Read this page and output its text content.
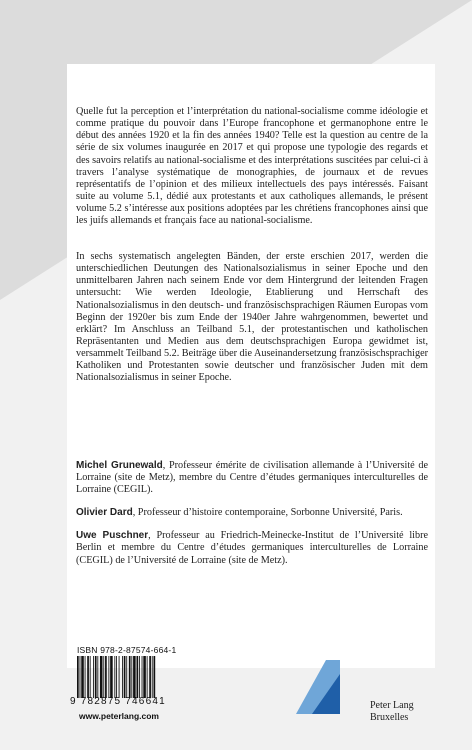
Quelle fut la perception et l’interprétation du national-socialisme comme idéologie et comme pratique du pouvoir dans l’Europe francophone et germanophone entre le début des années 1920 et la fin des années 1940? Telle est la question au centre de la série de six volumes inaugurée en 2017 et qui propose une typologie des regards et des savoirs relatifs au national-socialisme et des interprétations suscitées par celui-ci à travers l’analyse systématique de monographies, de journaux et de revues représentatifs de l’opinion et des milieux intellectuels des pays intéressés. Faisant suite au volume 5.1, dédié aux protestants et aux catholiques allemands, le présent volume 5.2 s’intéresse aux positions adoptées par les chrétiens francophones ainsi que les juifs allemands et français face au national-socialisme.

In sechs systematisch angelegten Bänden, der erste erschien 2017, werden die unterschiedlichen Deutungen des Nationalsozialismus in seiner Epoche und den unmittelbaren Jahren nach seinem Ende vor dem Hintergrund der leitenden Fragen untersucht: Wie werden Ideologie, Etablierung und Herrschaft des Nationalsozialismus in den deutsch- und französischsprachigen Räumen Europas vom Beginn der 1920er bis zum Ende der 1940er Jahre wahrgenommen, bewertet und erklärt? Im Anschluss an Teilband 5.1, der protestantischen und katholischen Repräsentanten und Medien aus dem deutschsprachigen Europa gewidmet ist, versammelt Teilband 5.2. Beiträge über die Auseinandersetzung französischsprachiger Katholiken und Protestanten sowie deutscher und französischer Juden mit dem Nationalsozialismus in seiner Epoche.

Michel Grunewald, Professeur émérite de civilisation allemande à l’Université de Lorraine (site de Metz), membre du Centre d’études germaniques interculturelles de Lorraine (CEGIL).

Olivier Dard, Professeur d’histoire contemporaine, Sorbonne Université, Paris.

Uwe Puschner, Professeur au Friedrich-Meinecke-Institut de l’Université libre Berlin et membre du Centre d’études germaniques interculturelles de Lorraine (CEGIL) de l’Université de Lorraine (site de Metz).

ISBN 978-2-87574-664-1
9 782875 746641
www.peterlang.com
Peter Lang
Bruxelles
